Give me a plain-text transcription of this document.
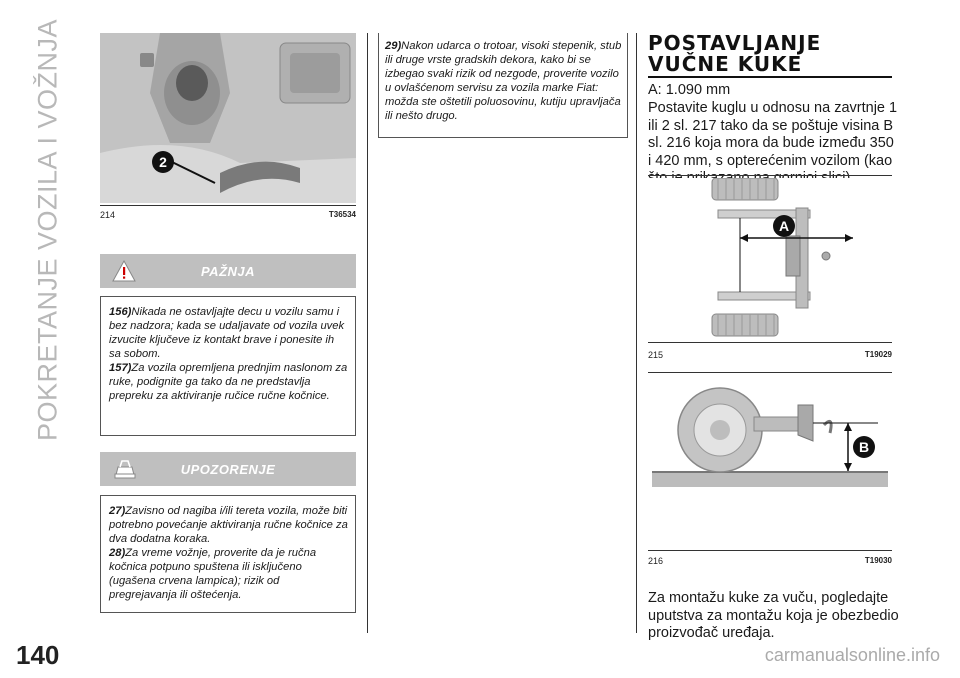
POKRETANJE VOZILA I VOŽNJA
140
2
214	T36534
PAŽNJA

156)Nikada ne ostavljajte decu u vozilu samu i bez nadzora; kada se udaljavate od vozila uvek izvucite ključeve iz kontakt brave i ponesite ih sa sobom.

157)Za vozila opremljena prednjim naslonom za ruke, podignite ga tako da ne predstavlja prepreku za aktiviranje ručice ručne kočnice.

UPOZORENJE

27)Zavisno od nagiba i/ili tereta vozila, može biti potrebno povećanje aktiviranja ručne kočnice za dva dodatna koraka.

28)Za vreme vožnje, proverite da je ručna kočnica potpuno spuštena ili isključeno (ugašena crvena lampica); rizik od pregrejavanja ili oštećenja.

29)Nakon udarca o trotoar, visoki stepenik, stub ili druge vrste gradskih dekora, kako bi se izbegao svaki rizik od nezgode, proverite vozilo u ovlašćenom servisu za vozila marke Fiat: možda ste oštetili poluosovinu, kutiju upravljača ili nešto drugo.

POSTAVLJANJE
VUČNE KUKE
A: 1.090 mm
Postavite kuglu u odnosu na zavrtnje 1 ili 2 sl. 217 tako da se poštuje visina B sl. 216 koja mora da bude između 350 i 420 mm, s opterećenim vozilom (kao
A
215	T19029
B
216	T19030
Za montažu kuke za vuču, pogledajte uputstva za montažu koja je obezbedio proizvođač uređaja.
carmanualsonline.info
